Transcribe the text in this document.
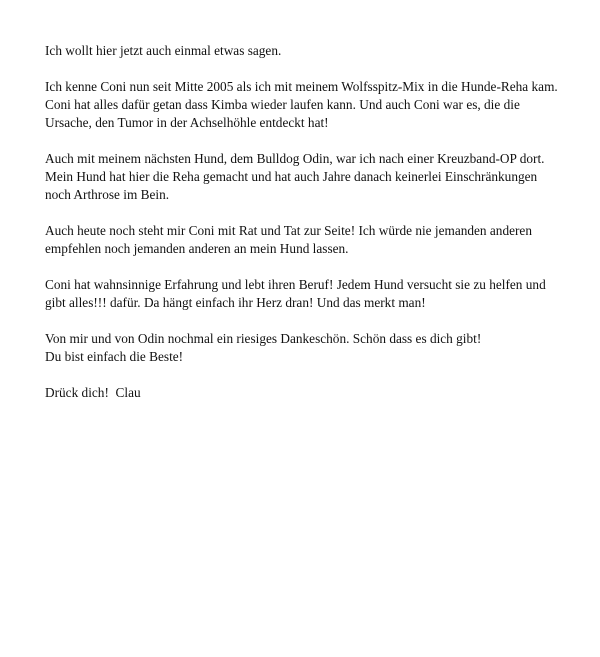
Ich wollt hier jetzt auch einmal etwas sagen.

Ich kenne Coni nun seit Mitte 2005 als ich mit meinem Wolfsspitz-Mix in die Hunde-Reha kam.
Coni hat alles dafür getan dass Kimba wieder laufen kann. Und auch Coni war es, die die
Ursache, den Tumor in der Achselhöhle entdeckt hat!

Auch mit meinem nächsten Hund, dem Bulldog Odin, war ich nach einer Kreuzband-OP dort.
Mein Hund hat hier die Reha gemacht und hat auch Jahre danach keinerlei Einschränkungen
noch Arthrose im Bein.

Auch heute noch steht mir Coni mit Rat und Tat zur Seite! Ich würde nie jemanden anderen
empfehlen noch jemanden anderen an mein Hund lassen.

Coni hat wahnsinnige Erfahrung und lebt ihren Beruf! Jedem Hund versucht sie zu helfen und
gibt alles!!! dafür. Da hängt einfach ihr Herz dran! Und das merkt man!

Von mir und von Odin nochmal ein riesiges Dankeschön. Schön dass es dich gibt!
Du bist einfach die Beste!

Drück dich!  Clau
